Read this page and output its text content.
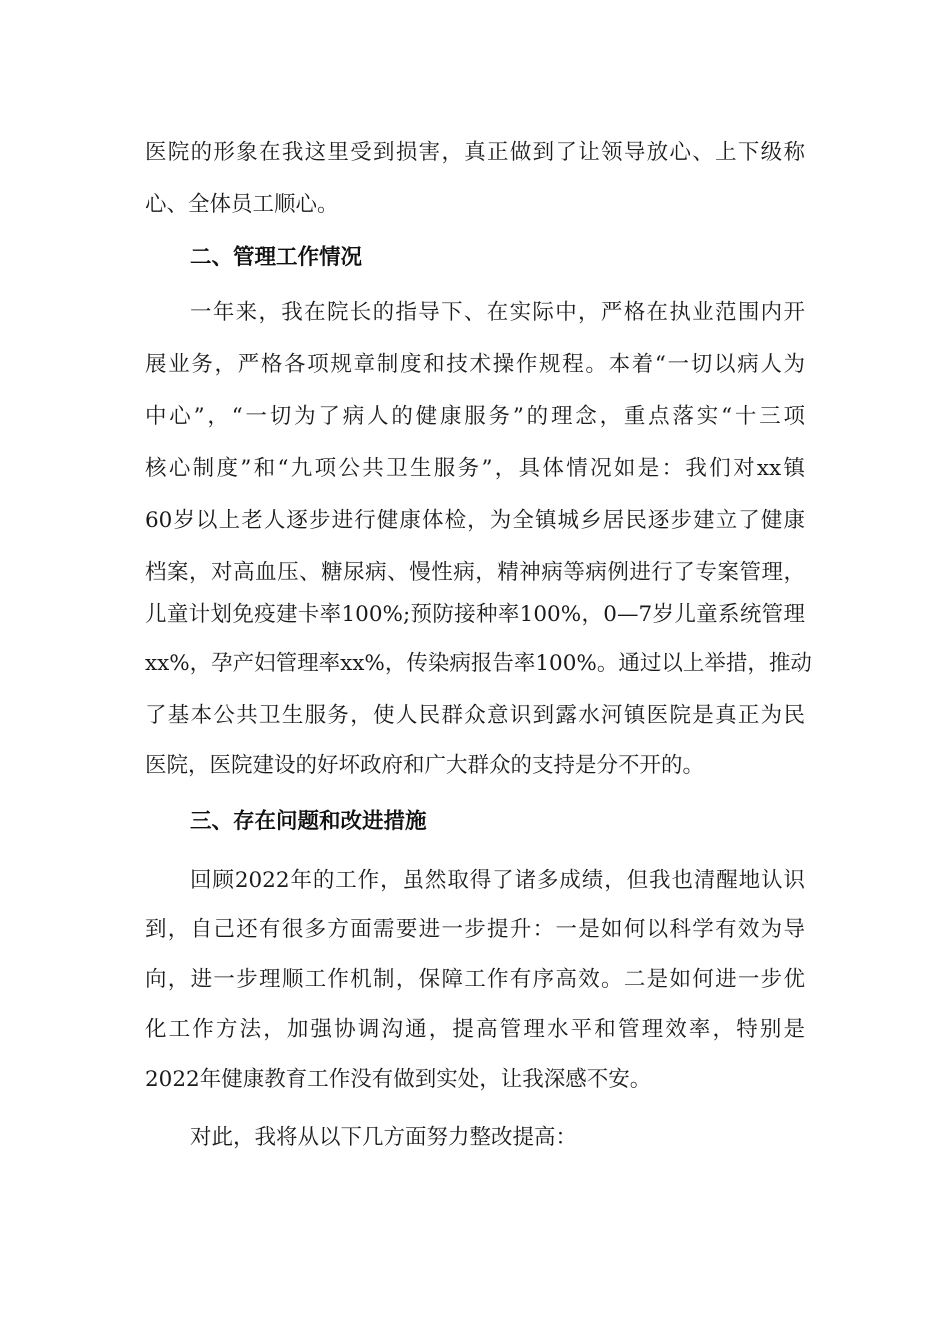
医院的形象在我这里受到损害，真正做到了让领导放心、上下级称
心、全体员工顺心。
二、管理工作情况
一年来，我在院长的指导下、在实际中，严格在执业范围内开
展业务，严格各项规章制度和技术操作规程。本着“一切以病人为
中心”，“一切为了病人的健康服务”的理念，重点落实“十三项
核心制度”和“九项公共卫生服务”，具体情况如是：我们对xx镇
60岁以上老人逐步进行健康体检，为全镇城乡居民逐步建立了健康
档案，对高血压、糖尿病、慢性病，精神病等病例进行了专案管理，
儿童计划免疫建卡率100%;预防接种率100%，0—7岁儿童系统管理
xx%，孕产妇管理率xx%，传染病报告率100%。通过以上举措，推动
了基本公共卫生服务，使人民群众意识到露水河镇医院是真正为民
医院，医院建设的好坏政府和广大群众的支持是分不开的。
三、存在问题和改进措施
回顾2022年的工作，虽然取得了诸多成绩，但我也清醒地认识
到，自己还有很多方面需要进一步提升：一是如何以科学有效为导
向，进一步理顺工作机制，保障工作有序高效。二是如何进一步优
化工作方法，加强协调沟通，提高管理水平和管理效率，特别是
2022年健康教育工作没有做到实处，让我深感不安。
对此，我将从以下几方面努力整改提高：
